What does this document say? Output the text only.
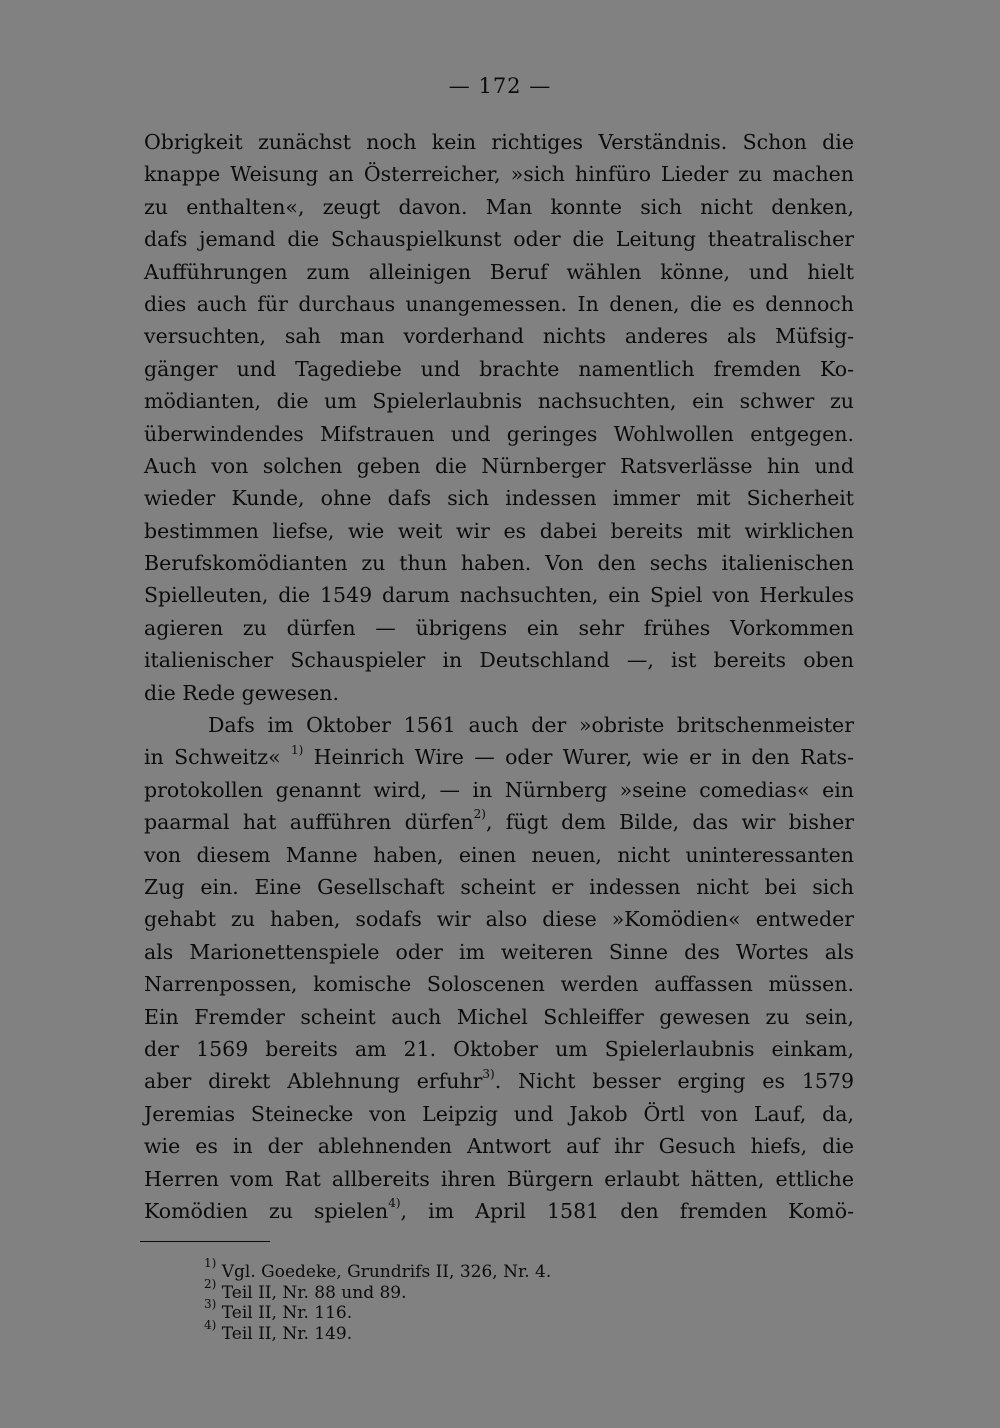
— 172 —
Obrigkeit zunächst noch kein richtiges Verständnis. Schon die
knappe Weisung an Österreicher, »sich hinfüro Lieder zu machen
zu enthalten«, zeugt davon. Man konnte sich nicht denken,
dafs jemand die Schauspielkunst oder die Leitung theatralischer
Aufführungen zum alleinigen Beruf wählen könne, und hielt
dies auch für durchaus unangemessen. In denen, die es dennoch
versuchten, sah man vorderhand nichts anderes als Müfsig-
gänger und Tagediebe und brachte namentlich fremden Ko-
mödianten, die um Spielerlaubnis nachsuchten, ein schwer zu
überwindendes Mifstrauen und geringes Wohlwollen entgegen.
Auch von solchen geben die Nürnberger Ratsverlässe hin und
wieder Kunde, ohne dafs sich indessen immer mit Sicherheit
bestimmen liefse, wie weit wir es dabei bereits mit wirklichen
Berufskomödianten zu thun haben. Von den sechs italienischen
Spielleuten, die 1549 darum nachsuchten, ein Spiel von Herkules
agieren zu dürfen — übrigens ein sehr frühes Vorkommen
italienischer Schauspieler in Deutschland —, ist bereits oben
die Rede gewesen.
Dafs im Oktober 1561 auch der »obriste britschenmeister
in Schweitz« $^{1)}$ Heinrich Wire — oder Wurer, wie er in den Rats-
protokollen genannt wird, — in Nürnberg »seine comedias« ein
paarmal hat aufführen dürfen$^{2)}$, fügt dem Bilde, das wir bisher
von diesem Manne haben, einen neuen, nicht uninteressanten
Zug ein. Eine Gesellschaft scheint er indessen nicht bei sich
gehabt zu haben, sodafs wir also diese »Komödien« entweder
als Marionettenspiele oder im weiteren Sinne des Wortes als
Narrenpossen, komische Soloscenen werden auffassen müssen.
Ein Fremder scheint auch Michel Schleiffer gewesen zu sein,
der 1569 bereits am 21. Oktober um Spielerlaubnis einkam,
aber direkt Ablehnung erfuhr$^{3)}$. Nicht besser erging es 1579
Jeremias Steinecke von Leipzig und Jakob Örtl von Lauf, da,
wie es in der ablehnenden Antwort auf ihr Gesuch hiefs, die
Herren vom Rat allbereits ihren Bürgern erlaubt hätten, ettliche
Komödien zu spielen$^{4)}$, im April 1581 den fremden Komö-
$^{1)}$ Vgl. Goedeke, Grundrifs II, 326, Nr. 4.
$^{2)}$ Teil II, Nr. 88 und 89.
$^{3)}$ Teil II, Nr. 116.
$^{4)}$ Teil II, Nr. 149.
